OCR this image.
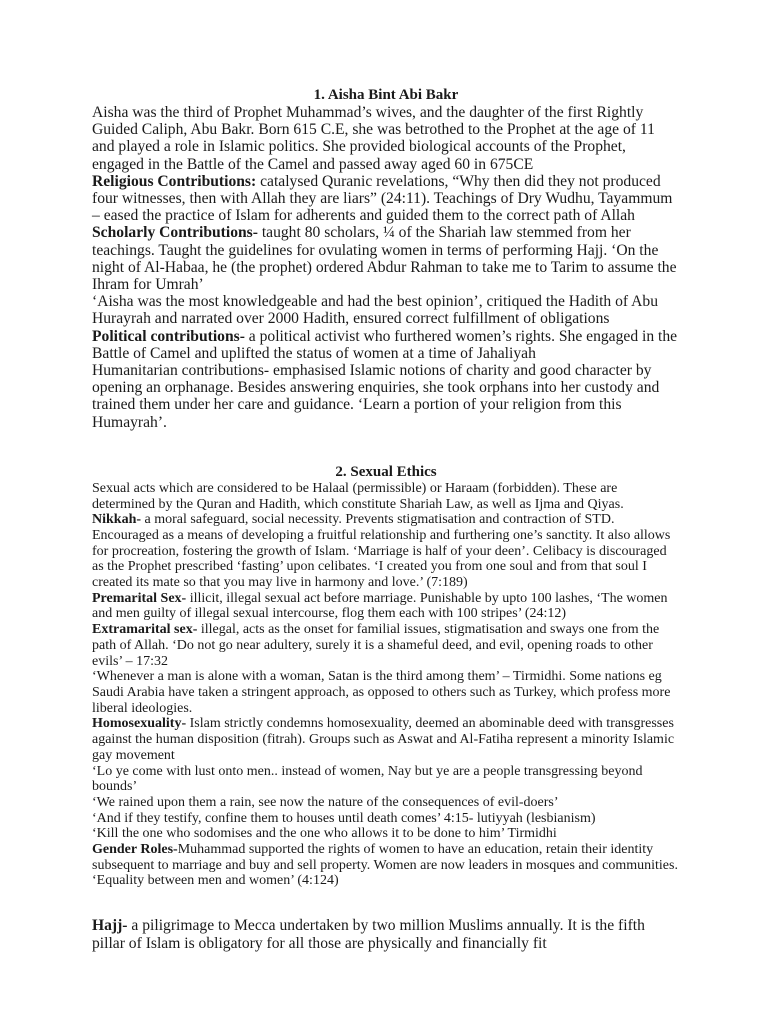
1. Aisha Bint Abi Bakr

Aisha was the third of Prophet Muhammad’s wives, and the daughter of the first Rightly Guided Caliph, Abu Bakr. Born 615 C.E, she was betrothed to the Prophet at the age of 11 and played a role in Islamic politics. She provided biological accounts of the Prophet, engaged in the Battle of the Camel and passed away aged 60 in 675CE

Religious Contributions: catalysed Quranic revelations, “Why then did they not produced four witnesses, then with Allah they are liars” (24:11). Teachings of Dry Wudhu, Tayammum – eased the practice of Islam for adherents and guided them to the correct path of Allah

Scholarly Contributions- taught 80 scholars, ¼ of the Shariah law stemmed from her teachings. Taught the guidelines for ovulating women in terms of performing Hajj. ‘On the night of Al-Habaa, he (the prophet) ordered Abdur Rahman to take me to Tarim to assume the Ihram for Umrah’

‘Aisha was the most knowledgeable and had the best opinion’, critiqued the Hadith of Abu Hurayrah and narrated over 2000 Hadith, ensured correct fulfillment of obligations

Political contributions- a political activist who furthered women’s rights. She engaged in the Battle of Camel and uplifted the status of women at a time of Jahaliyah

Humanitarian contributions- emphasised Islamic notions of charity and good character by opening an orphanage. Besides answering enquiries, she took orphans into her custody and trained them under her care and guidance. ‘Learn a portion of your religion from this Humayrah’.

2. Sexual Ethics

Sexual acts which are considered to be Halaal (permissible) or Haraam (forbidden). These are determined by the Quran and Hadith, which constitute Shariah Law, as well as Ijma and Qiyas.

Nikkah- a moral safeguard, social necessity. Prevents stigmatisation and contraction of STD. Encouraged as a means of developing a fruitful relationship and furthering one’s sanctity. It also allows for procreation, fostering the growth of Islam. ‘Marriage is half of your deen’. Celibacy is discouraged as the Prophet prescribed ‘fasting’ upon celibates. ‘I created you from one soul and from that soul I created its mate so that you may live in harmony and love.’ (7:189)

Premarital Sex- illicit, illegal sexual act before marriage. Punishable by upto 100 lashes, ‘The women and men guilty of illegal sexual intercourse, flog them each with 100 stripes’ (24:12)

Extramarital sex- illegal, acts as the onset for familial issues, stigmatisation and sways one from the path of Allah. ‘Do not go near adultery, surely it is a shameful deed, and evil, opening roads to other evils’ – 17:32

‘Whenever a man is alone with a woman, Satan is the third among them’ – Tirmidhi. Some nations eg Saudi Arabia have taken a stringent approach, as opposed to others such as Turkey, which profess more liberal ideologies.

Homosexuality- Islam strictly condemns homosexuality, deemed an abominable deed with transgresses against the human disposition (fitrah). Groups such as Aswat and Al-Fatiha represent a minority Islamic gay movement

‘Lo ye come with lust onto men.. instead of women, Nay but ye are a people transgressing beyond bounds’

‘We rained upon them a rain, see now the nature of the consequences of evil-doers’

‘And if they testify, confine them to houses until death comes’ 4:15- lutiyyah (lesbianism)

‘Kill the one who sodomises and the one who allows it to be done to him’ Tirmidhi

Gender Roles-Muhammad supported the rights of women to have an education, retain their identity subsequent to marriage and buy and sell property. Women are now leaders in mosques and communities. ‘Equality between men and women’ (4:124)

Hajj- a piligrimage to Mecca undertaken by two million Muslims annually. It is the fifth pillar of Islam is obligatory for all those are physically and financially fit
